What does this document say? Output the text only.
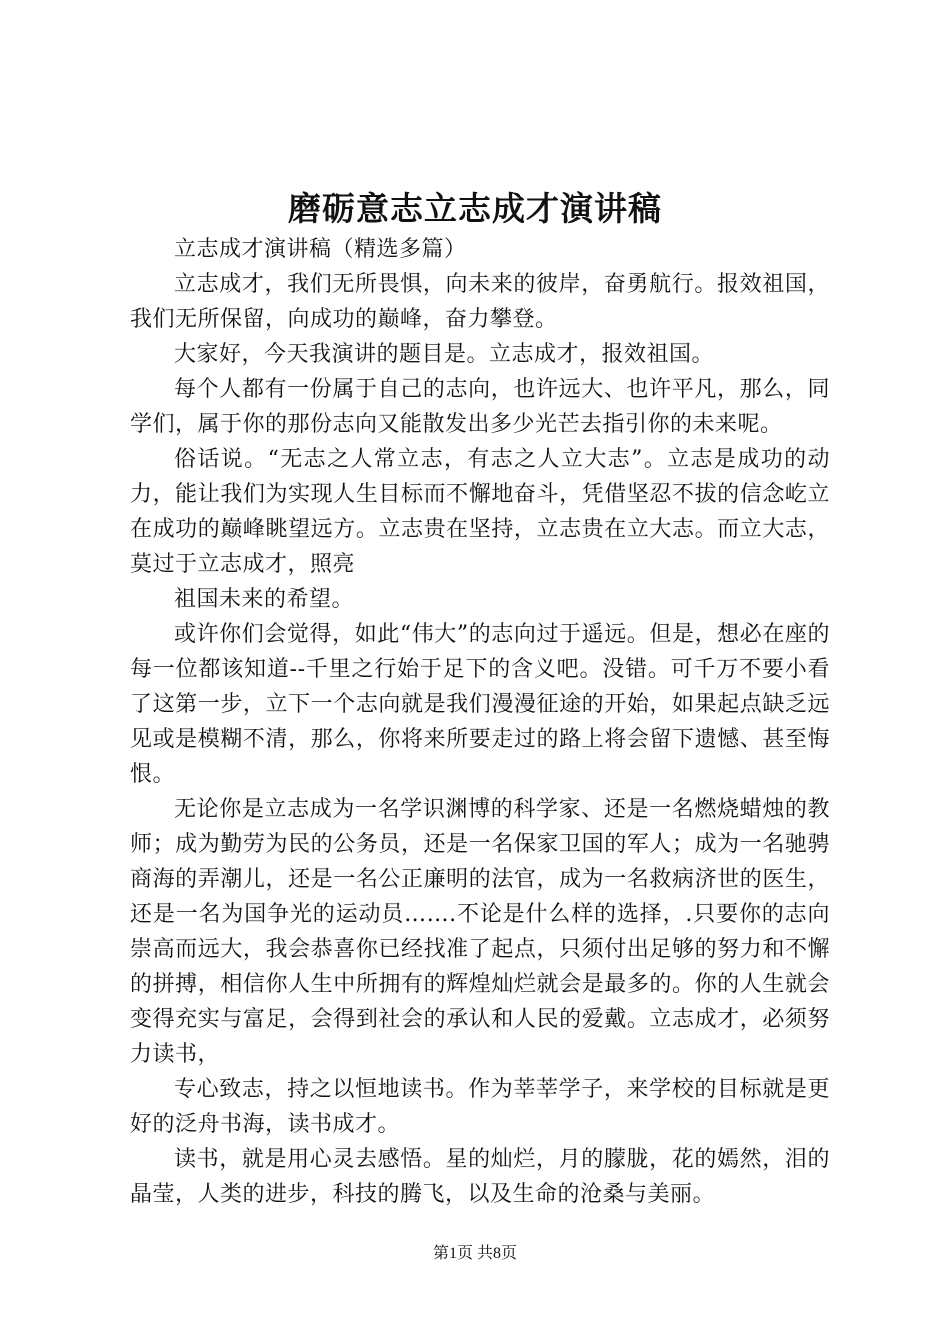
磨砺意志立志成才演讲稿

立志成才演讲稿（精选多篇）

立志成才，我们无所畏惧，向未来的彼岸，奋勇航行。报效祖国，我们无所保留，向成功的巅峰，奋力攀登。

大家好，今天我演讲的题目是。立志成才，报效祖国。

每个人都有一份属于自己的志向，也许远大、也许平凡，那么，同学们，属于你的那份志向又能散发出多少光芒去指引你的未来呢。

俗话说。“无志之人常立志，有志之人立大志”。立志是成功的动力，能让我们为实现人生目标而不懈地奋斗，凭借坚忍不拔的信念屹立在成功的巅峰眺望远方。立志贵在坚持，立志贵在立大志。而立大志，莫过于立志成才，照亮

祖国未来的希望。

或许你们会觉得，如此“伟大”的志向过于遥远。但是，想必在座的每一位都该知道--千里之行始于足下的含义吧。没错。可千万不要小看了这第一步，立下一个志向就是我们漫漫征途的开始，如果起点缺乏远见或是模糊不清，那么，你将来所要走过的路上将会留下遗憾、甚至悔恨。

无论你是立志成为一名学识渊博的科学家、还是一名燃烧蜡烛的教师；成为勤劳为民的公务员，还是一名保家卫国的军人；成为一名驰骋商海的弄潮儿，还是一名公正廉明的法官，成为一名救病济世的医生，还是一名为国争光的运动员…….不论是什么样的选择，.只要你的志向崇高而远大，我会恭喜你已经找准了起点，只须付出足够的努力和不懈的拼搏，相信你人生中所拥有的辉煌灿烂就会是最多的。你的人生就会变得充实与富足，会得到社会的承认和人民的爱戴。立志成才，必须努力读书，

专心致志，持之以恒地读书。作为莘莘学子，来学校的目标就是更好的泛舟书海，读书成才。

读书，就是用心灵去感悟。星的灿烂，月的朦胧，花的嫣然，泪的晶莹，人类的进步，科技的腾飞，以及生命的沧桑与美丽。

第1页 共8页
